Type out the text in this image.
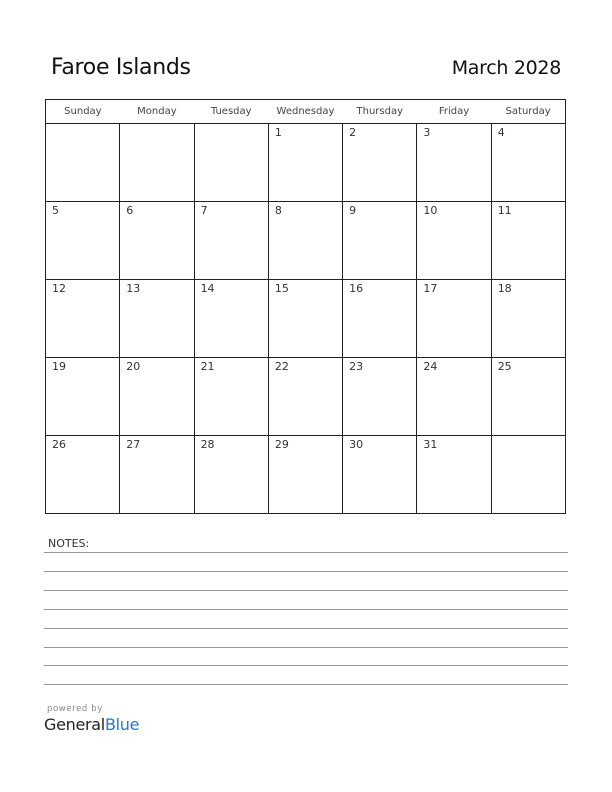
Faroe Islands	March 2028
Sunday	Monday	Tuesday	Wednesday	Thursday	Friday	Saturday

			1	2	3	4

5	6	7	8	9	10	11

12	13	14	15	16	17	18

19	20	21	22	23	24	25

26	27	28	29	30	31	

NOTES:
powered by
GeneralBlue
